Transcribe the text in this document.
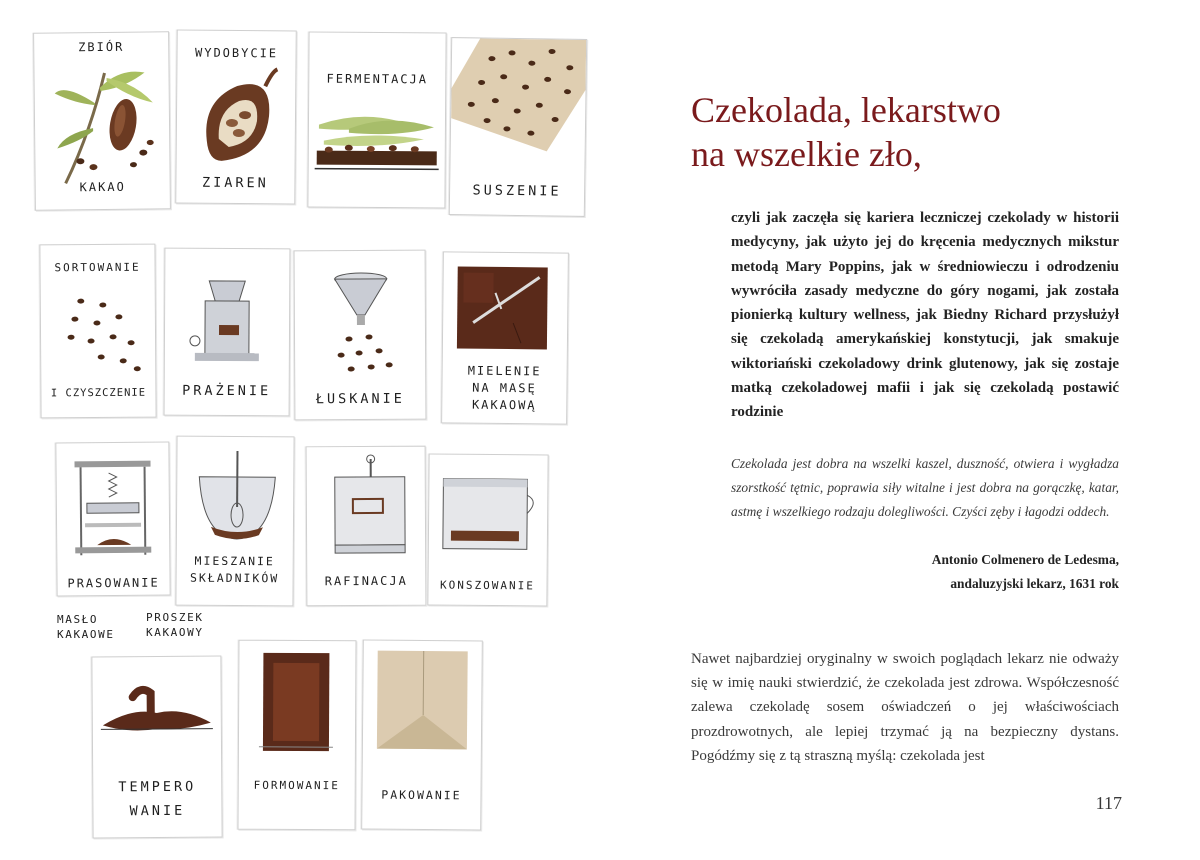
ZBIÓR
KAKAO
WYDOBYCIE
ZIAREN
FERMENTACJA
SUSZENIE
SORTOWANIE
I CZYSZCZENIE	PRAŻENIE	ŁUSKANIE
MIELENIE
NA MASĘ
KAKAOWĄ
PRASOWANIE
MIESZANIE
SKŁADNIKÓW	RAFINACJA	KONSZOWANIE
MASŁO
KAKAOWE
PROSZEK
KAKAOWY
TEMPERO
WANIE
FORMOWANIE
PAKOWANIE
Czekolada, lekarstwo
na wszelkie zło,

czyli jak zaczęła się kariera leczniczej czekolady w historii medycyny, jak użyto jej do kręcenia medycznych mikstur metodą Mary Poppins, jak w średniowieczu i odrodzeniu wywróciła zasady medyczne do góry nogami, jak została pionierką kultury wellness, jak Biedny Richard przysłużył się czekoladą amerykańskiej konstytucji, jak smakuje wiktoriański czekoladowy drink glutenowy, jak się zostaje matką czekoladowej mafii i jak się czekoladą postawić rodzinie

Czekolada jest dobra na wszelki kaszel, duszność, otwiera i wygładza szorstkość tętnic, poprawia siły witalne i jest dobra na gorączkę, katar, astmę i wszelkiego rodzaju dolegliwości. Czyści zęby i łagodzi oddech.

Antonio Colmenero de Ledesma,
andaluzyjski lekarz, 1631 rok

Nawet najbardziej oryginalny w swoich poglądach lekarz nie odważy się w imię nauki stwierdzić, że czekolada jest zdrowa. Współczesność zalewa czekoladę sosem oświadczeń o jej właściwościach prozdrowotnych, ale lepiej trzymać ją na bezpieczny dystans. Pogódźmy się z tą straszną myślą: czekolada jest

117
